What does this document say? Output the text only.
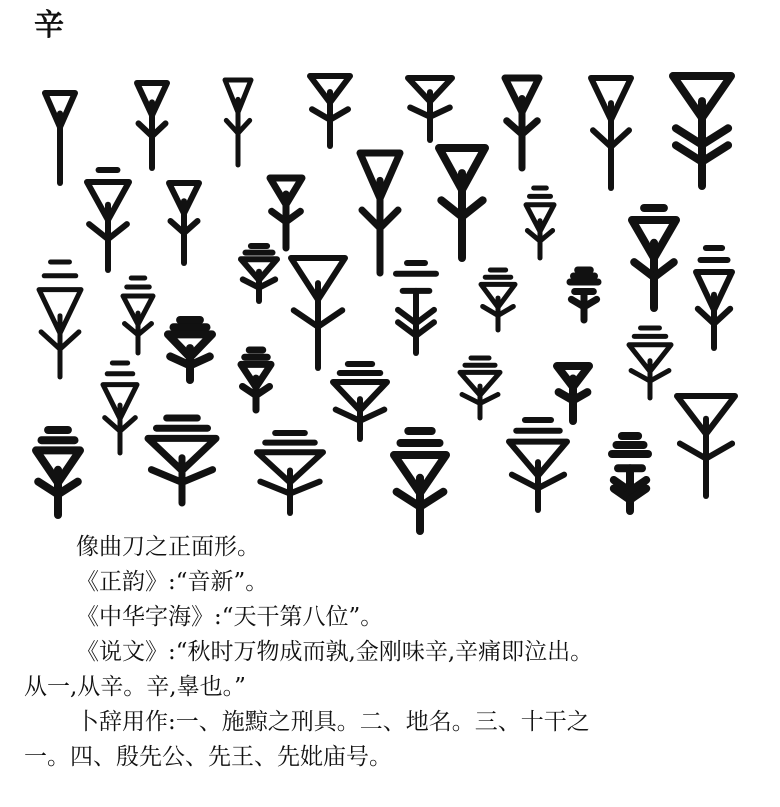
辛

像曲刀之正面形。

《正韵》:“音新”。

《中华字海》:“天干第八位”。

《说文》:“秋时万物成而孰,金刚味辛,辛痛即泣出。

从一,从辛。辛,辠也。”

卜辞用作:一、施黥之刑具。二、地名。三、十干之

一。四、殷先公、先王、先妣庙号。
